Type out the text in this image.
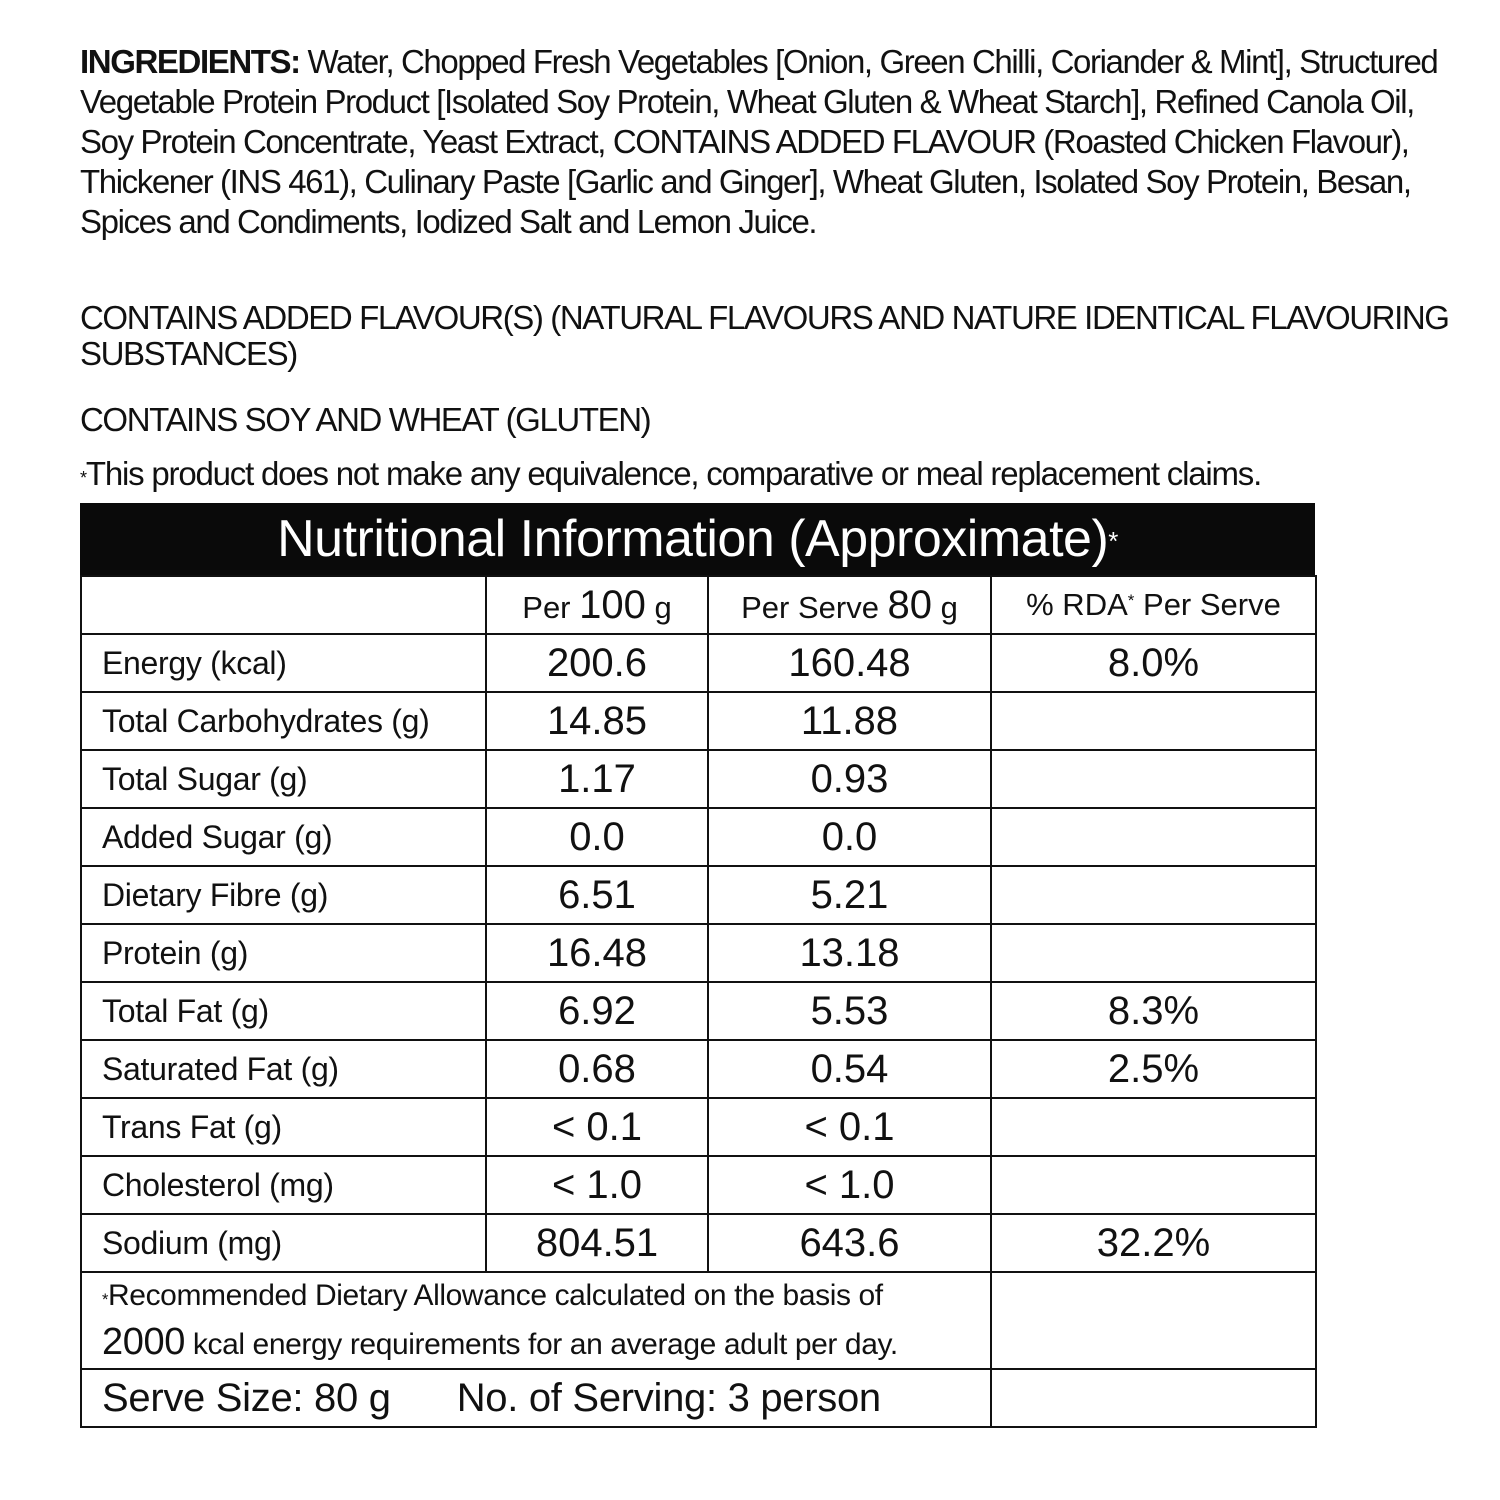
INGREDIENTS: Water, Chopped Fresh Vegetables [Onion, Green Chilli, Coriander & Mint], Structured Vegetable Protein Product [Isolated Soy Protein, Wheat Gluten & Wheat Starch], Refined Canola Oil, Soy Protein Concentrate, Yeast Extract, CONTAINS ADDED FLAVOUR (Roasted Chicken Flavour), Thickener (INS 461), Culinary Paste [Garlic and Ginger], Wheat Gluten, Isolated Soy Protein, Besan, Spices and Condiments, Iodized Salt and Lemon Juice.
CONTAINS ADDED FLAVOUR(S) (NATURAL FLAVOURS AND NATURE IDENTICAL FLAVOURING SUBSTANCES)
CONTAINS SOY AND WHEAT (GLUTEN)
*This product does not make any equivalence, comparative or meal replacement claims.
Nutritional Information (Approximate)*
	Per 100 g	Per Serve 80 g	% RDA* Per Serve
Energy (kcal)	200.6	160.48	8.0%
Total Carbohydrates (g)	14.85	11.88	
Total Sugar (g)	1.17	0.93	
Added Sugar (g)	0.0	0.0	
Dietary Fibre (g)	6.51	5.21	
Protein (g)	16.48	13.18	
Total Fat (g)	6.92	5.53	8.3%
Saturated Fat (g)	0.68	0.54	2.5%
Trans Fat (g)	< 0.1	< 0.1	
Cholesterol (mg)	< 1.0	< 1.0	
Sodium (mg)	804.51	643.6	32.2%
*Recommended Dietary Allowance calculated on the basis of
2000 kcal energy requirements for an average adult per day.			
Serve Size: 80 g No. of Serving: 3 person			
